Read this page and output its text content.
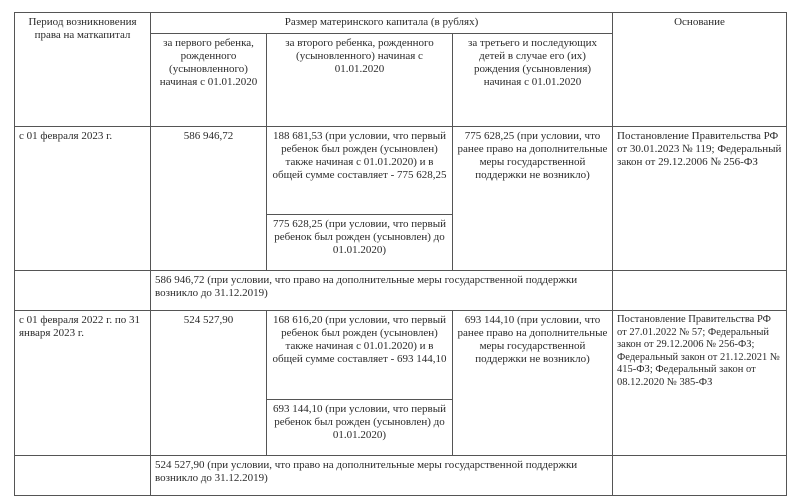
Период возникновения права на маткапитал	Размер материнского капитала (в рублях)			Основание
	за первого ребенка, рожденного (усыновленного) начиная с 01.01.2020	за второго ребенка, рожденного (усыновленного) начиная с 01.01.2020	за третьего и последующих детей в случае его (их) рождения (усыновления) начиная с 01.01.2020	
с 01 февраля 2023 г.	586 946,72	188 681,53 (при условии, что первый ребенок был рожден (усыновлен) также начиная с 01.01.2020) и в общей сумме составляет - 775 628,25	775 628,25 (при условии, что ранее право на дополнительные меры государственной поддержки не возникло)	Постановление Правительства РФ от 30.01.2023 № 119; Федеральный закон от 29.12.2006 № 256-ФЗ
		775 628,25 (при условии, что первый ребенок был рожден (усыновлен) до 01.01.2020)		
	586 946,72 (при условии, что право на дополнительные меры государственной поддержки возникло до 31.12.2019)			
с 01 февраля 2022 г. по 31 января 2023 г.	524 527,90	168 616,20 (при условии, что первый ребенок был рожден (усыновлен) также начиная с 01.01.2020) и в общей сумме составляет - 693 144,10	693 144,10 (при условии, что ранее право на дополнительные меры государственной поддержки не возникло)	Постановление Правительства РФ от 27.01.2022 № 57; Федеральный закон от 29.12.2006 № 256-ФЗ; Федеральный закон от 21.12.2021 № 415-ФЗ; Федеральный закон от 08.12.2020 № 385-ФЗ
		693 144,10 (при условии, что первый ребенок был рожден (усыновлен) до 01.01.2020)		
	524 527,90 (при условии, что право на дополнительные меры государственной поддержки возникло до 31.12.2019)			
